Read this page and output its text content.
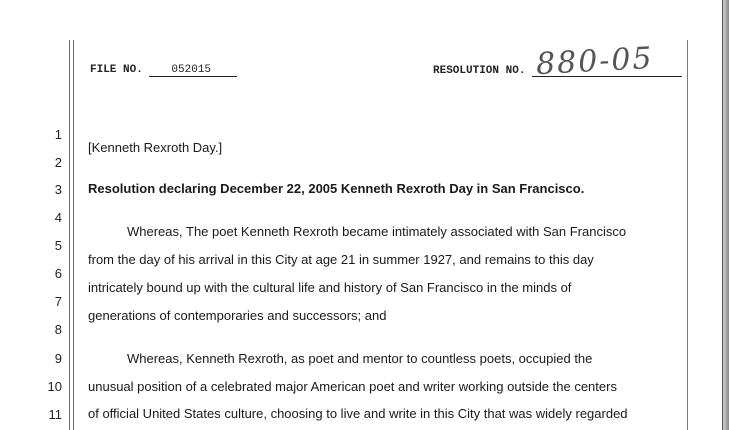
FILE NO.	052015	RESOLUTION NO. 880-05
1
2
3
4
5
6
7
8
9
10
11
[Kenneth Rexroth Day.]
Resolution declaring December 22, 2005 Kenneth Rexroth Day in San Francisco.
Whereas, The poet Kenneth Rexroth became intimately associated with San Francisco
from the day of his arrival in this City at age 21 in summer 1927, and remains to this day
intricately bound up with the cultural life and history of San Francisco in the minds of
generations of contemporaries and successors; and
Whereas, Kenneth Rexroth, as poet and mentor to countless poets, occupied the
unusual position of a celebrated major American poet and writer working outside the centers
of official United States culture, choosing to live and write in this City that was widely regarded
